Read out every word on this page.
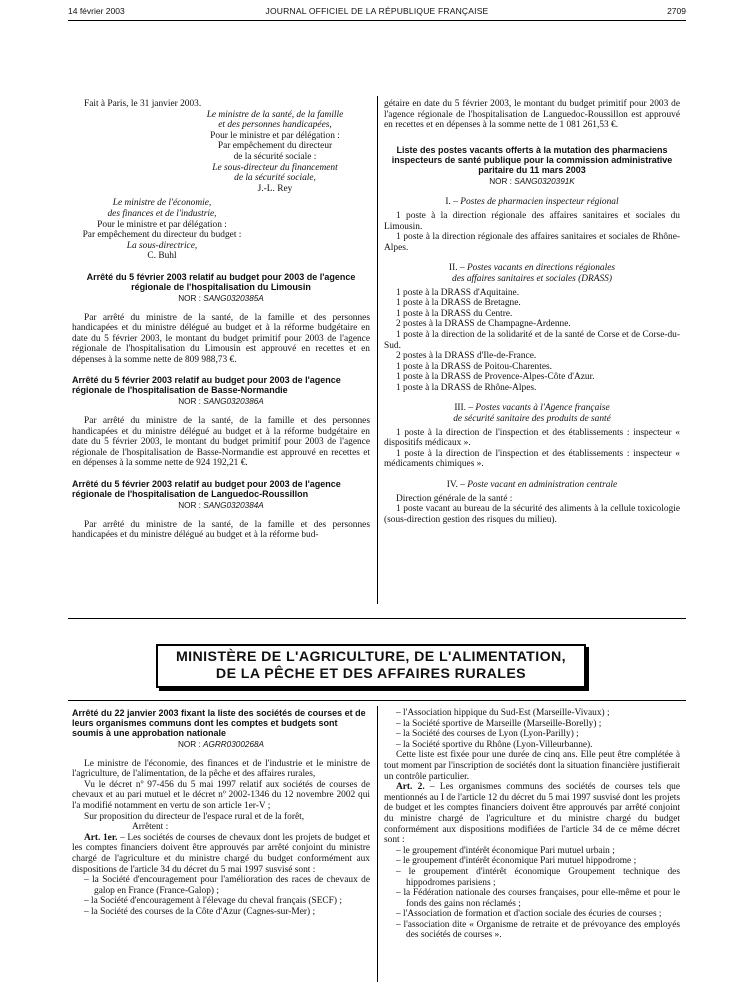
14 février 2003	JOURNAL OFFICIEL DE LA RÉPUBLIQUE FRANÇAISE	2709

Fait à Paris, le 31 janvier 2003.

Le ministre de la santé, de la famille
et des personnes handicapées,
Pour le ministre et par délégation :
Par empêchement du directeur
de la sécurité sociale :
Le sous-directeur du financement
de la sécurité sociale,
J.-L. Rey
Le ministre de l'économie,
des finances et de l'industrie,
Pour le ministre et par délégation :
Par empêchement du directeur du budget :
La sous-directrice,
C. Buhl
Arrêté du 5 février 2003 relatif au budget pour 2003 de l'agence régionale de l'hospitalisation du Limousin
NOR : SANG0320385A

Par arrêté du ministre de la santé, de la famille et des personnes handicapées et du ministre délégué au budget et à la réforme budgétaire en date du 5 février 2003, le montant du budget primitif pour 2003 de l'agence régionale de l'hospitalisation du Limousin est approuvé en recettes et en dépenses à la somme nette de 809 988,73 €.

Arrêté du 5 février 2003 relatif au budget pour 2003 de l'agence régionale de l'hospitalisation de Basse-Normandie
NOR : SANG0320386A

Par arrêté du ministre de la santé, de la famille et des personnes handicapées et du ministre délégué au budget et à la réforme budgétaire en date du 5 février 2003, le montant du budget primitif pour 2003 de l'agence régionale de l'hospitalisation de Basse-Normandie est approuvé en recettes et en dépenses à la somme nette de 924 192,21 €.

Arrêté du 5 février 2003 relatif au budget pour 2003 de l'agence régionale de l'hospitalisation de Languedoc-Roussillon
NOR : SANG0320384A

Par arrêté du ministre de la santé, de la famille et des personnes handicapées et du ministre délégué au budget et à la réforme bud-

gétaire en date du 5 février 2003, le montant du budget primitif pour 2003 de l'agence régionale de l'hospitalisation de Languedoc-Roussillon est approuvé en recettes et en dépenses à la somme nette de 1 081 261,53 €.

Liste des postes vacants offerts à la mutation des pharmaciens inspecteurs de santé publique pour la commission administrative paritaire du 11 mars 2003
NOR : SANG0320391K
I. – Postes de pharmacien inspecteur régional

1 poste à la direction régionale des affaires sanitaires et sociales du Limousin.

1 poste à la direction régionale des affaires sanitaires et sociales de Rhône-Alpes.

II. – Postes vacants en directions régionales
des affaires sanitaires et sociales (DRASS)

1 poste à la DRASS d'Aquitaine.

1 poste à la DRASS de Bretagne.

1 poste à la DRASS du Centre.

2 postes à la DRASS de Champagne-Ardenne.

1 poste à la direction de la solidarité et de la santé de Corse et de Corse-du-Sud.

2 postes à la DRASS d'Ile-de-France.

1 poste à la DRASS de Poitou-Charentes.

1 poste à la DRASS de Provence-Alpes-Côte d'Azur.

1 poste à la DRASS de Rhône-Alpes.

III. – Postes vacants à l'Agence française
de sécurité sanitaire des produits de santé

1 poste à la direction de l'inspection et des établissements : inspecteur « dispositifs médicaux ».

1 poste à la direction de l'inspection et des établissements : inspecteur « médicaments chimiques ».

IV. – Poste vacant en administration centrale

Direction générale de la santé :

1 poste vacant au bureau de la sécurité des aliments à la cellule toxicologie (sous-direction gestion des risques du milieu).

MINISTÈRE DE L'AGRICULTURE, DE L'ALIMENTATION,
DE LA PÊCHE ET DES AFFAIRES RURALES
Arrêté du 22 janvier 2003 fixant la liste des sociétés de courses et de leurs organismes communs dont les comptes et budgets sont soumis à une approbation nationale
NOR : AGRR0300268A

Le ministre de l'économie, des finances et de l'industrie et le ministre de l'agriculture, de l'alimentation, de la pêche et des affaires rurales,

Vu le décret nº 97-456 du 5 mai 1997 relatif aux sociétés de courses de chevaux et au pari mutuel et le décret nº 2002-1346 du 12 novembre 2002 qui l'a modifié notamment en vertu de son article 1er-V ;

Sur proposition du directeur de l'espace rural et de la forêt,

Arrêtent :

Art. 1er. – Les sociétés de courses de chevaux dont les projets de budget et les comptes financiers doivent être approuvés par arrêté conjoint du ministre chargé de l'agriculture et du ministre chargé du budget conformément aux dispositions de l'article 34 du décret du 5 mai 1997 susvisé sont :

– la Société d'encouragement pour l'amélioration des races de chevaux de galop en France (France-Galop) ;
– la Société d'encouragement à l'élevage du cheval français (SECF) ;
– la Société des courses de la Côte d'Azur (Cagnes-sur-Mer) ;
– l'Association hippique du Sud-Est (Marseille-Vivaux) ;
– la Société sportive de Marseille (Marseille-Borelly) ;
– la Société des courses de Lyon (Lyon-Parilly) ;
– la Société sportive du Rhône (Lyon-Villeurbanne).

Cette liste est fixée pour une durée de cinq ans. Elle peut être complétée à tout moment par l'inscription de sociétés dont la situation financière justifierait un contrôle particulier.

Art. 2. – Les organismes communs des sociétés de courses tels que mentionnés au I de l'article 12 du décret du 5 mai 1997 susvisé dont les projets de budget et les comptes financiers doivent être approuvés par arrêté conjoint du ministre chargé de l'agriculture et du ministre chargé du budget conformément aux dispositions modifiées de l'article 34 de ce même décret sont :

– le groupement d'intérêt économique Pari mutuel urbain ;
– le groupement d'intérêt économique Pari mutuel hippodrome ;
– le groupement d'intérêt économique Groupement technique des hippodromes parisiens ;
– la Fédération nationale des courses françaises, pour elle-même et pour le fonds des gains non réclamés ;
– l'Association de formation et d'action sociale des écuries de courses ;
– l'association dite « Organisme de retraite et de prévoyance des employés des sociétés de courses ».
